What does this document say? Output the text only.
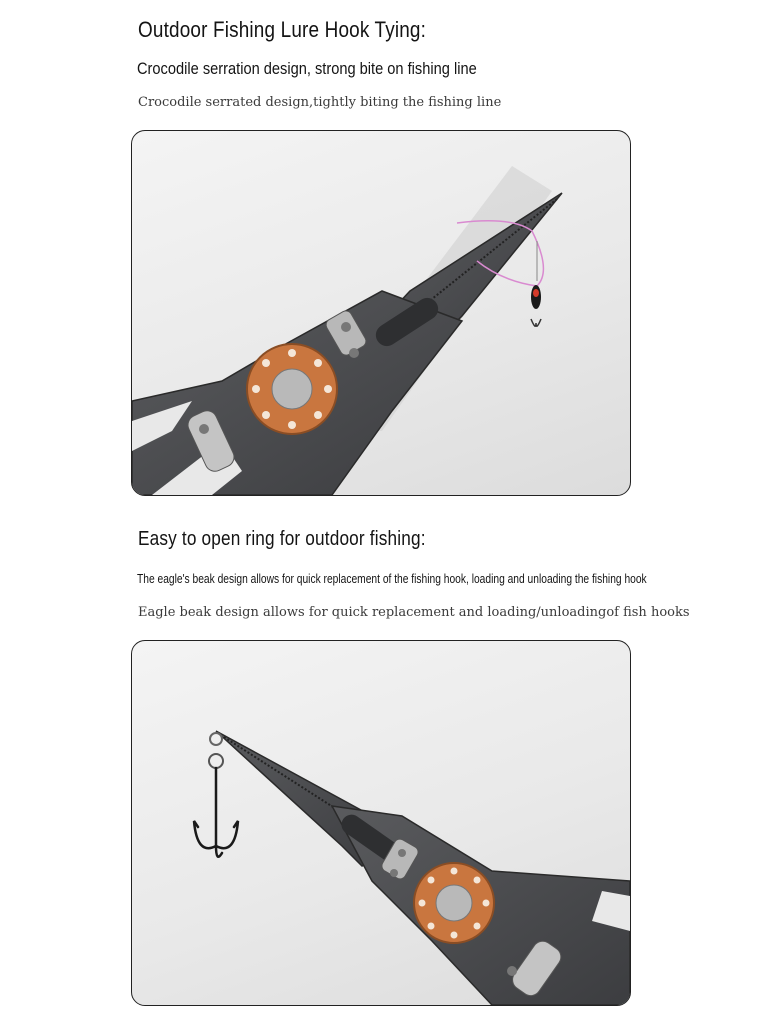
Outdoor Fishing Lure Hook Tying:
Crocodile serration design, strong bite on fishing line
Crocodile serrated design,tightly biting the fishing line
Easy to open ring for outdoor fishing:
The eagle's beak design allows for quick replacement of the fishing hook, loading and unloading the fishing hook
Eagle beak design allows for quick replacement and loading/unloadingof fish hooks
